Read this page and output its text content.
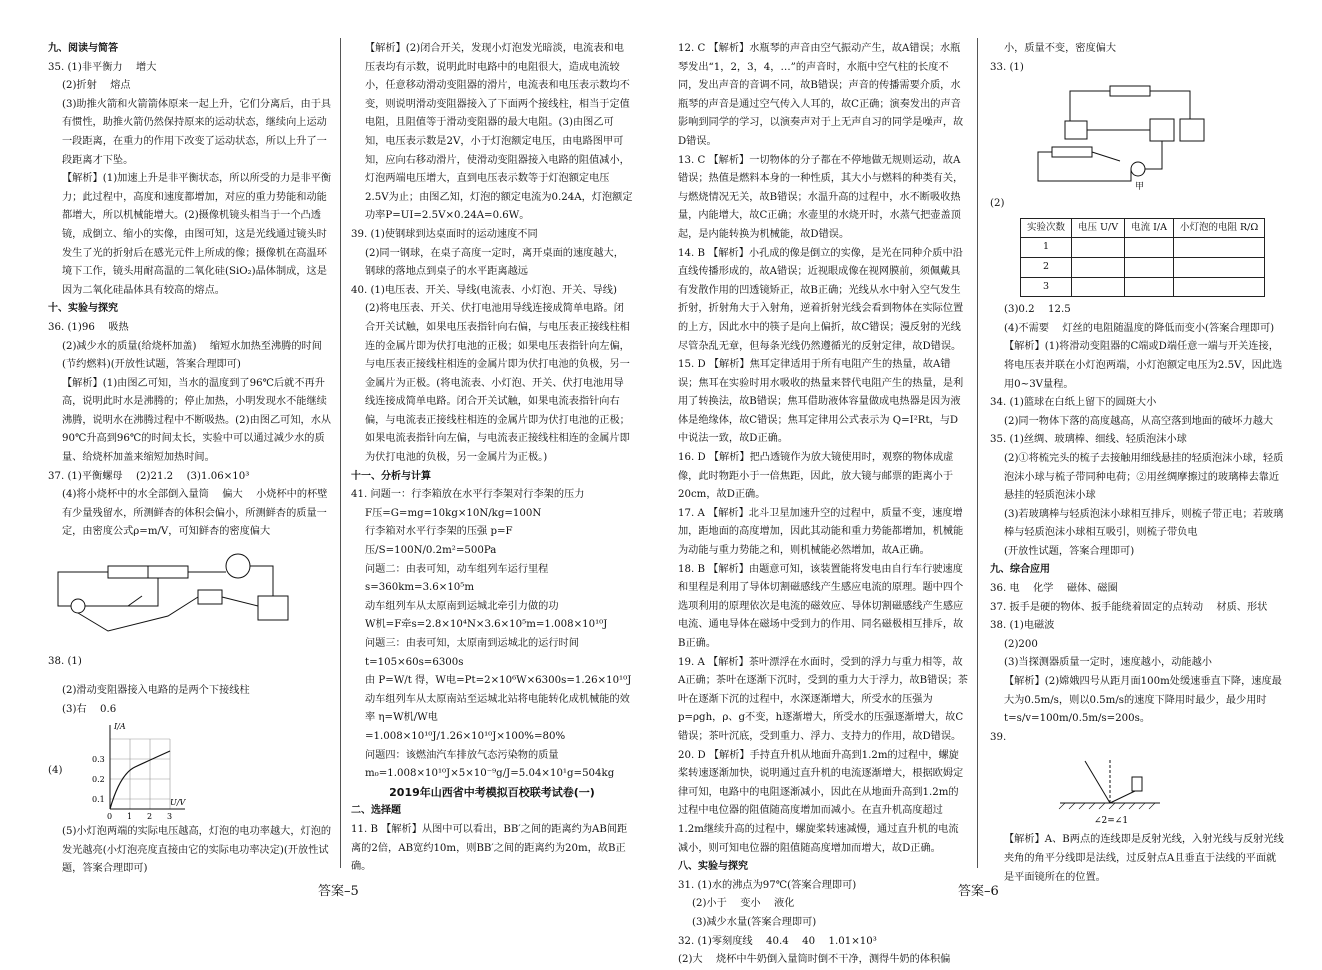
九、阅读与简答

35. (1)非平衡力　 增大

(2)折射　 熔点

(3)助推火箭和火箭箭体原来一起上升，它们分离后，由于具有惯性，助推火箭仍然保持原来的运动状态，继续向上运动一段距离，在重力的作用下改变了运动状态，所以上升了一段距离才下坠。

【解析】(1)加速上升是非平衡状态，所以所受的力是非平衡力；此过程中，高度和速度都增加，对应的重力势能和动能都增大，所以机械能增大。(2)摄像机镜头相当于一个凸透镜，成倒立、缩小的实像，由图可知，这是光线通过镜头时发生了光的折射后在感光元件上所成的像；摄像机在高温环境下工作，镜头用耐高温的二氧化硅(SiO₂)晶体制成，这是因为二氧化硅晶体具有较高的熔点。

十、实验与探究

36. (1)96　 吸热

(2)减少水的质量(给烧杯加盖)　 缩短水加热至沸腾的时间(节约燃料)(开放性试题，答案合理即可)

【解析】(1)由图乙可知，当水的温度到了96℃后就不再升高，说明此时水是沸腾的；停止加热，小明发现水不能继续沸腾，说明水在沸腾过程中不断吸热。(2)由图乙可知，水从90℃升高到96℃的时间太长，实验中可以通过减少水的质量、给烧杯加盖来缩短加热时间。

37. (1)平衡螺母　 (2)21.2　 (3)1.06×10³

(4)将小烧杯中的水全部倒入量筒　 偏大　 小烧杯中的杯壁有少量残留水，所测鲜杏的体积会偏小，所测鲜杏的质量一定，由密度公式ρ=m/V，可知鲜杏的密度偏大

38. (1)

(2)滑动变阻器接入电路的是两个下接线柱

(3)右　 0.6

(4)
I/A
U/V
0.3
0.2
0.1
0 1 2 3

(5)小灯泡两端的实际电压越高，灯泡的电功率越大，灯泡的发光越亮(小灯泡亮度直接由它的实际电功率决定)(开放性试题，答案合理即可)

【解析】(2)闭合开关，发现小灯泡发光暗淡，电流表和电压表均有示数，说明此时电路中的电阻很大，造成电流较小，任意移动滑动变阻器的滑片，电流表和电压表示数均不变，则说明滑动变阻器接入了下面两个接线柱，相当于定值电阻，且阻值等于滑动变阻器的最大电阻。(3)由图乙可知，电压表示数是2V，小于灯泡额定电压，由电路图甲可知，应向右移动滑片，使滑动变阻器接入电路的阻值减小，灯泡两端电压增大，直到电压表示数等于灯泡额定电压2.5V为止；由图乙知，灯泡的额定电流为0.24A，灯泡额定功率P=UI=2.5V×0.24A=0.6W。

39. (1)使钢球到达桌面时的运动速度不同

(2)同一钢球，在桌子高度一定时，离开桌面的速度越大，钢球的落地点到桌子的水平距离越远

40. (1)电压表、开关、导线(电流表、小灯泡、开关、导线)

(2)将电压表、开关、伏打电池用导线连接成简单电路。闭合开关试触，如果电压表指针向右偏，与电压表正接线柱相连的金属片即为伏打电池的正极；如果电压表指针向左偏，与电压表正接线柱相连的金属片即为伏打电池的负极，另一金属片为正极。(将电流表、小灯泡、开关、伏打电池用导线连接成简单电路。闭合开关试触，如果电流表指针向右偏，与电流表正接线柱相连的金属片即为伏打电池的正极；如果电流表指针向左偏，与电流表正接线柱相连的金属片即为伏打电池的负极，另一金属片为正极。)

十一、分析与计算

41. 问题一：行李箱放在水平行李架对行李架的压力

F压=G=mg=10kg×10N/kg=100N

行李箱对水平行李架的压强 p=F压/S=100N/0.2m²=500Pa

问题二：由表可知，动车组列车运行里程

s=360km=3.6×10⁵m

动车组列车从太原南到运城北牵引力做的功

W机=F牵s=2.8×10⁴N×3.6×10⁵m=1.008×10¹⁰J

问题三：由表可知，太原南到运城北的运行时间

t=105×60s=6300s

由 P=W/t 得，W电=Pt=2×10⁶W×6300s=1.26×10¹⁰J

动车组列车从太原南站至运城北站将电能转化成机械能的效率 η=W机/W电=1.008×10¹⁰J/1.26×10¹⁰J×100%=80%

问题四：该燃油汽车排放气态污染物的质量

m₀=1.008×10¹⁰J×5×10⁻⁹g/J=5.04×10¹g=504kg

2019年山西省中考模拟百校联考试卷(一)

二、选择题

11. B 【解析】从图中可以看出，BB′之间的距离约为AB间距离的2倍，AB宽约10m，则BB′之间的距离约为20m，故B正确。

12. C 【解析】水瓶琴的声音由空气振动产生，故A错误；水瓶琴发出“1，2，3，4，…”的声音时，水瓶中空气柱的长度不同，发出声音的音调不同，故B错误；声音的传播需要介质，水瓶琴的声音是通过空气传入人耳的，故C正确；演奏发出的声音影响到同学的学习，以演奏声对于上无声自习的同学是噪声，故D错误。

13. C 【解析】一切物体的分子都在不停地做无规则运动，故A错误；热值是燃料本身的一种性质，其大小与燃料的种类有关，与燃烧情况无关，故B错误；水温升高的过程中，水不断吸收热量，内能增大，故C正确；水壶里的水烧开时，水蒸气把壶盖顶起，是内能转换为机械能，故D错误。

14. B 【解析】小孔成的像是倒立的实像，是光在同种介质中沿直线传播形成的，故A错误；近视眼成像在视网膜前，须佩戴具有发散作用的凹透镜矫正，故B正确；光线从水中射入空气发生折射，折射角大于入射角，逆着折射光线会看到物体在实际位置的上方，因此水中的筷子是向上偏折，故C错误；漫反射的光线尽管杂乱无章，但每条光线仍然遵循光的反射定律，故D错误。

15. D 【解析】焦耳定律适用于所有电阻产生的热量，故A错误；焦耳在实验时用水吸收的热量来替代电阻产生的热量，是利用了转换法，故B错误；焦耳借助液体容量做成电热器是因为液体是绝缘体，故C错误；焦耳定律用公式表示为 Q=I²Rt，与D中说法一致，故D正确。

16. D 【解析】把凸透镜作为放大镜使用时，观察的物体成虚像，此时物距小于一倍焦距，因此，放大镜与邮票的距离小于20cm，故D正确。

17. A 【解析】北斗卫星加速升空的过程中，质量不变，速度增加，距地面的高度增加，因此其动能和重力势能都增加，机械能为动能与重力势能之和，则机械能必然增加，故A正确。

18. B 【解析】由题意可知，该装置能将发电由自行车行驶速度和里程是利用了导体切割磁感线产生感应电流的原理。题中四个选项利用的原理依次是电流的磁效应、导体切割磁感线产生感应电流、通电导体在磁场中受到力的作用、同名磁极相互排斥，故B正确。

19. A 【解析】茶叶漂浮在水面时，受到的浮力与重力相等，故A正确；茶叶在逐渐下沉时，受到的重力大于浮力，故B错误；茶叶在逐渐下沉的过程中，水深逐渐增大，所受水的压强为 p=ρgh，ρ、g不变，h逐渐增大，所受水的压强逐渐增大，故C错误；茶叶沉底，受到重力、浮力、支持力的作用，故D错误。

20. D 【解析】手持直升机从地面升高到1.2m的过程中，螺旋桨转速逐渐加快，说明通过直升机的电流逐渐增大，根据欧姆定律可知，电路中的电阻逐渐减小，因此在从地面升高到1.2m的过程中电位器的阻值随高度增加而减小。在直升机高度超过1.2m继续升高的过程中，螺旋桨转速减慢，通过直升机的电流减小，则可知电位器的阻值随高度增加而增大，故D正确。

八、实验与探究

31. (1)水的沸点为97℃(答案合理即可)

(2)小于　 变小　 液化

(3)减少水量(答案合理即可)

32. (1)零刻度线　 40.4　 40　 1.01×10³

(2)大　 烧杯中牛奶倒入量筒时倒不干净，测得牛奶的体积偏

小，质量不变，密度偏大

33. (1)

甲
(2)
实验次数	电压 U/V	电流 I/A	小灯泡的电阻 R/Ω
1			
2			
3			

(3)0.2　 12.5

(4)不需要　 灯丝的电阻随温度的降低而变小(答案合理即可)

【解析】(1)将滑动变阻器的C端或D端任意一端与开关连接，将电压表并联在小灯泡两端，小灯泡额定电压为2.5V，因此选用0~3V量程。

34. (1)篮球在白纸上留下的圆斑大小

(2)同一物体下落的高度越高，从高空落到地面的破坏力越大

35. (1)丝绸、玻璃棒、细线、轻质泡沫小球

(2)①将梳完头的梳子去接触用细线悬挂的轻质泡沫小球，轻质泡沫小球与梳子带同种电荷；②用丝绸摩擦过的玻璃棒去靠近悬挂的轻质泡沫小球

(3)若玻璃棒与轻质泡沫小球相互排斥，则梳子带正电；若玻璃棒与轻质泡沫小球相互吸引，则梳子带负电

(开放性试题，答案合理即可)

九、综合应用

36. 电　 化学　 磁体、磁圈

37. 扳手是硬的物体、扳手能绕着固定的点转动　 材质、形状

38. (1)电磁波

(2)200

(3)当探测器质量一定时，速度越小，动能越小

【解析】(2)嫦娥四号从距月面100m处缓速垂直下降，速度最大为0.5m/s，则以0.5m/s的速度下降用时最少，最少用时 t=s/v=100m/0.5m/s=200s。

39.

∠2=∠1

【解析】A、B两点的连线即是反射光线，入射光线与反射光线夹角的角平分线即是法线，过反射点A且垂直于法线的平面就是平面镜所在的位置。

答案–5	答案–6
